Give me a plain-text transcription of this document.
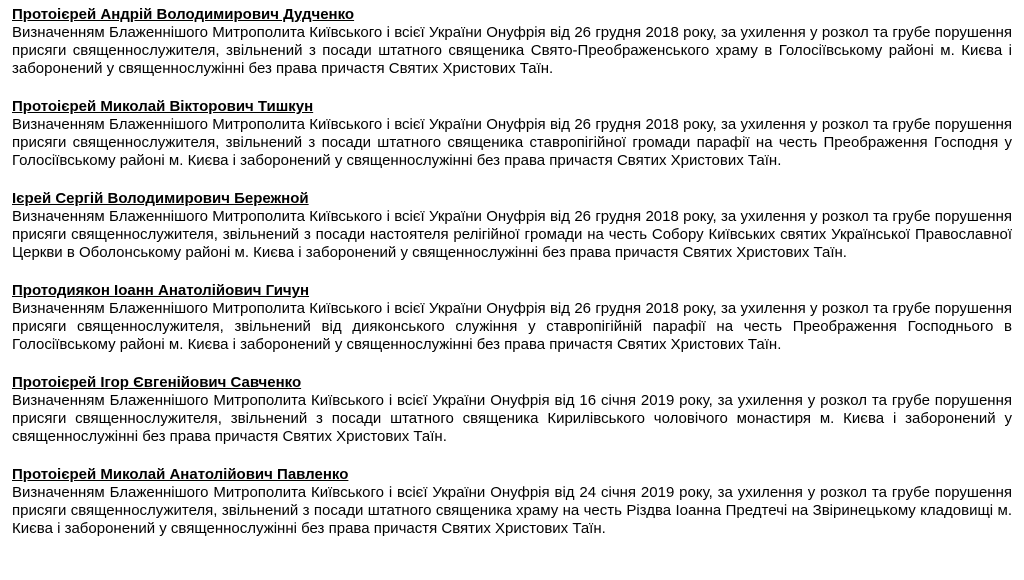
Протоієрей Андрій Володимирович Дудченко

Визначенням Блаженнішого Митрополита Київського і всієї України Онуфрія від 26 грудня 2018 року, за ухилення у розкол та грубе порушення присяги священнослужителя, звільнений з посади штатного священика Свято-Преображенського храму в Голосіївському районі м. Києва і заборонений у священнослужінні без права причастя Святих Христових Таїн.

Протоієрей Миколай Вікторович Тишкун

Визначенням Блаженнішого Митрополита Київського і всієї України Онуфрія від 26 грудня 2018 року, за ухилення у розкол та грубе порушення присяги священнослужителя, звільнений з посади штатного священика ставропігійної громади парафії на честь Преображення Господня у Голосіївському районі м. Києва і заборонений у священнослужінні без права причастя Святих Христових Таїн.

Ієрей Сергій Володимирович Бережной

Визначенням Блаженнішого Митрополита Київського і всієї України Онуфрія від 26 грудня 2018 року, за ухилення у розкол та грубе порушення присяги священнослужителя, звільнений з посади настоятеля релігійної громади на честь Собору Київських святих Української Православної Церкви в Оболонському районі м. Києва і заборонений у священнослужінні без права причастя Святих Христових Таїн.

Протодиякон Іоанн Анатолійович Гичун

Визначенням Блаженнішого Митрополита Київського і всієї України Онуфрія від 26 грудня 2018 року, за ухилення у розкол та грубе порушення присяги священнослужителя, звільнений від дияконського служіння у ставропігійній парафії на честь Преображення Господнього в Голосіївському районі м. Києва і заборонений у священнослужінні без права причастя Святих Христових Таїн.

Протоієрей Ігор Євгенійович Савченко

Визначенням Блаженнішого Митрополита Київського і всієї України Онуфрія від 16 січня 2019 року, за ухилення у розкол та грубе порушення присяги священнослужителя, звільнений з посади штатного священика Кирилівського чоловічого монастиря м. Києва і заборонений у священнослужінні без права причастя Святих Христових Таїн.

Протоієрей Миколай Анатолійович Павленко

Визначенням Блаженнішого Митрополита Київського і всієї України Онуфрія від 24 січня 2019 року, за ухилення у розкол та грубе порушення присяги священнослужителя, звільнений з посади штатного священика храму на честь Різдва Іоанна Предтечі на Звіринецькому кладовищі м. Києва і заборонений у священнослужінні без права причастя Святих Христових Таїн.
